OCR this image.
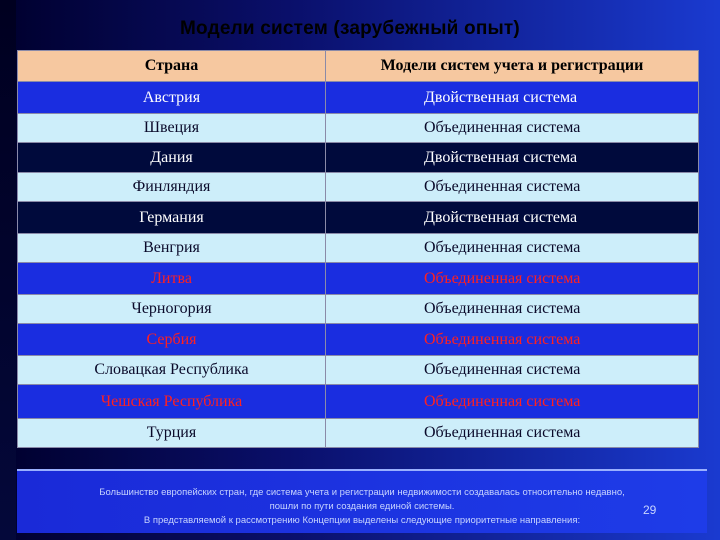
Модели систем (зарубежный опыт)
Страна	Модели систем учета и регистрации
Австрия	Двойственная система
Швеция	Объединенная система
Дания	Двойственная система
Финляндия	Объединенная система
Германия	Двойственная система
Венгрия	Объединенная система
Литва	Объединенная система
Черногория	Объединенная система
Сербия	Объединенная система
Словацкая Республика	Объединенная система
Чешская Республика	Объединенная система
Турция	Объединенная система
Большинство европейских стран, где система учета и регистрации недвижимости создавалась относительно недавно,
пошли по пути создания единой системы.
В представляемой к рассмотрению Концепции выделены следующие приоритетные направления:
29
